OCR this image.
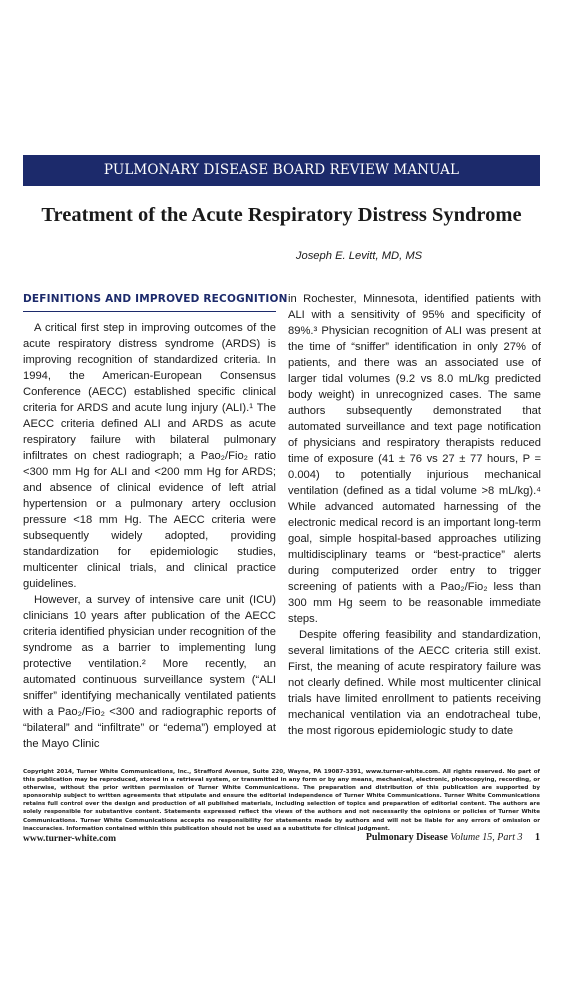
PULMONARY DISEASE BOARD REVIEW MANUAL
Treatment of the Acute Respiratory Distress Syndrome
Joseph E. Levitt, MD, MS
DEFINITIONS AND IMPROVED RECOGNITION

A critical first step in improving outcomes of the acute respiratory distress syndrome (ARDS) is improving recognition of standardized criteria. In 1994, the American-European Consensus Conference (AECC) established specific clinical criteria for ARDS and acute lung injury (ALI).¹ The AECC criteria defined ALI and ARDS as acute respiratory failure with bilateral pulmonary infiltrates on chest radiograph; a Pao₂/Fio₂ ratio <300 mm Hg for ALI and <200 mm Hg for ARDS; and absence of clinical evidence of left atrial hypertension or a pulmonary artery occlusion pressure <18 mm Hg. The AECC criteria were subsequently widely adopted, providing standardization for epidemiologic studies, multicenter clinical trials, and clinical practice guidelines.

However, a survey of intensive care unit (ICU) clinicians 10 years after publication of the AECC criteria identified physician under recognition of the syndrome as a barrier to implementing lung protective ventilation.² More recently, an automated continuous surveillance system (“ALI sniffer” identifying mechanically ventilated patients with a Pao₂/Fio₂ <300 and radiographic reports of “bilateral” and “infiltrate” or “edema”) employed at the Mayo Clinic

in Rochester, Minnesota, identified patients with ALI with a sensitivity of 95% and specificity of 89%.³ Physician recognition of ALI was present at the time of “sniffer” identification in only 27% of patients, and there was an associated use of larger tidal volumes (9.2 vs 8.0 mL/kg predicted body weight) in unrecognized cases. The same authors subsequently demonstrated that automated surveillance and text page notification of physicians and respiratory therapists reduced time of exposure (41 ± 76 vs 27 ± 77 hours, P = 0.004) to potentially injurious mechanical ventilation (defined as a tidal volume >8 mL/kg).⁴ While advanced automated harnessing of the electronic medical record is an important long-term goal, simple hospital-based approaches utilizing multidisciplinary teams or “best-practice” alerts during computerized order entry to trigger screening of patients with a Pao₂/Fio₂ less than 300 mm Hg seem to be reasonable immediate steps.

Despite offering feasibility and standardization, several limitations of the AECC criteria still exist. First, the meaning of acute respiratory failure was not clearly defined. While most multicenter clinical trials have limited enrollment to patients receiving mechanical ventilation via an endotracheal tube, the most rigorous epidemiologic study to date

Copyright 2014, Turner White Communications, Inc., Strafford Avenue, Suite 220, Wayne, PA 19087-3391, www.turner-white.com. All rights reserved. No part of this publication may be reproduced, stored in a retrieval system, or transmitted in any form or by any means, mechanical, electronic, photocopying, recording, or otherwise, without the prior written permission of Turner White Communications. The preparation and distribution of this publication are supported by sponsorship subject to written agreements that stipulate and ensure the editorial independence of Turner White Communications. Turner White Communications retains full control over the design and production of all published materials, including selection of topics and preparation of editorial content. The authors are solely responsible for substantive content. Statements expressed reflect the views of the authors and not necessarily the opinions or policies of Turner White Communications. Turner White Communications accepts no responsibility for statements made by authors and will not be liable for any errors of omission or inaccuracies. Information contained within this publication should not be used as a substitute for clinical judgment.
www.turner-white.com	Pulmonary Disease Volume 15, Part 3 1
